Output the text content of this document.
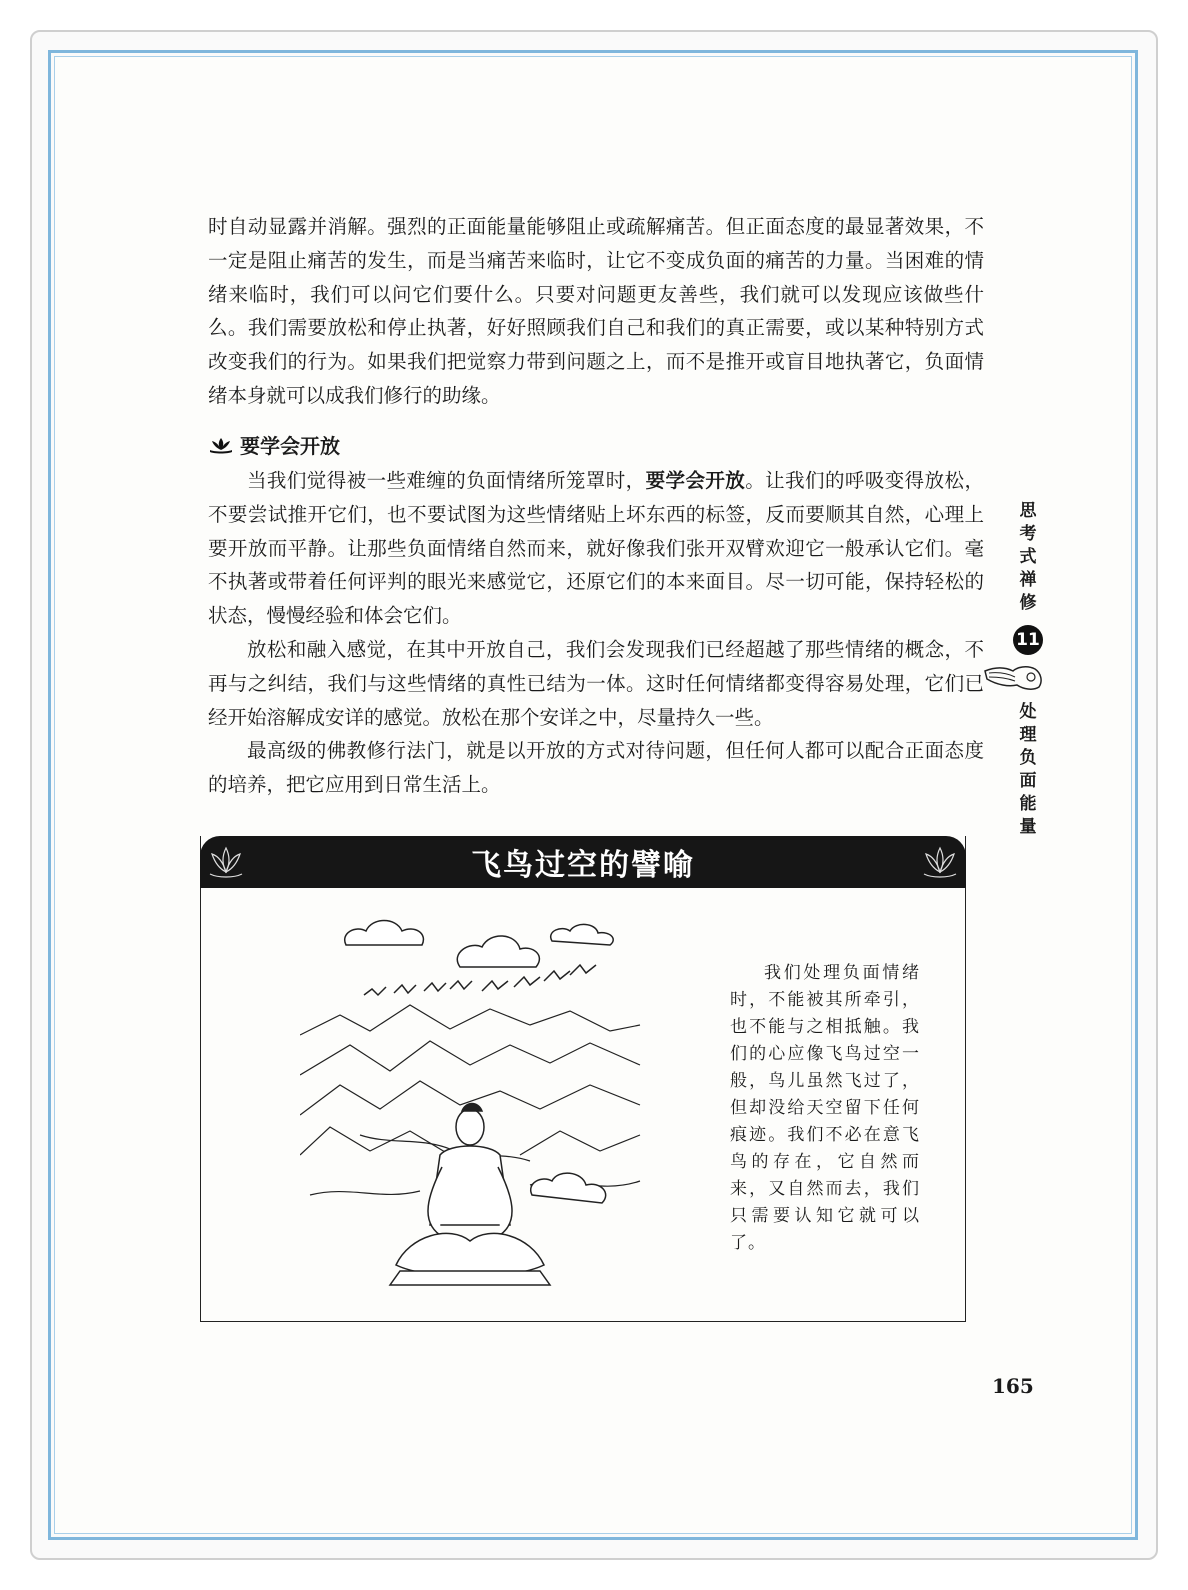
时自动显露并消解。强烈的正面能量能够阻止或疏解痛苦。但正面态度的最显著效果，不一定是阻止痛苦的发生，而是当痛苦来临时，让它不变成负面的痛苦的力量。当困难的情绪来临时，我们可以问它们要什么。只要对问题更友善些，我们就可以发现应该做些什么。我们需要放松和停止执著，好好照顾我们自己和我们的真正需要，或以某种特别方式改变我们的行为。如果我们把觉察力带到问题之上，而不是推开或盲目地执著它，负面情绪本身就可以成我们修行的助缘。

要学会开放

当我们觉得被一些难缠的负面情绪所笼罩时，要学会开放。让我们的呼吸变得放松，不要尝试推开它们，也不要试图为这些情绪贴上坏东西的标签，反而要顺其自然，心理上要开放而平静。让那些负面情绪自然而来，就好像我们张开双臂欢迎它一般承认它们。毫不执著或带着任何评判的眼光来感觉它，还原它们的本来面目。尽一切可能，保持轻松的状态，慢慢经验和体会它们。

放松和融入感觉，在其中开放自己，我们会发现我们已经超越了那些情绪的概念，不再与之纠结，我们与这些情绪的真性已结为一体。这时任何情绪都变得容易处理，它们已经开始溶解成安详的感觉。放松在那个安详之中，尽量持久一些。

最高级的佛教修行法门，就是以开放的方式对待问题，但任何人都可以配合正面态度的培养，把它应用到日常生活上。

思
考
式
禅
修
11
处
理
负
面
能
量
飞鸟过空的譬喻

我们处理负面情绪时，不能被其所牵引，也不能与之相抵触。我们的心应像飞鸟过空一般，鸟儿虽然飞过了，但却没给天空留下任何痕迹。我们不必在意飞鸟的存在，它自然而来，又自然而去，我们只需要认知它就可以了。

165
